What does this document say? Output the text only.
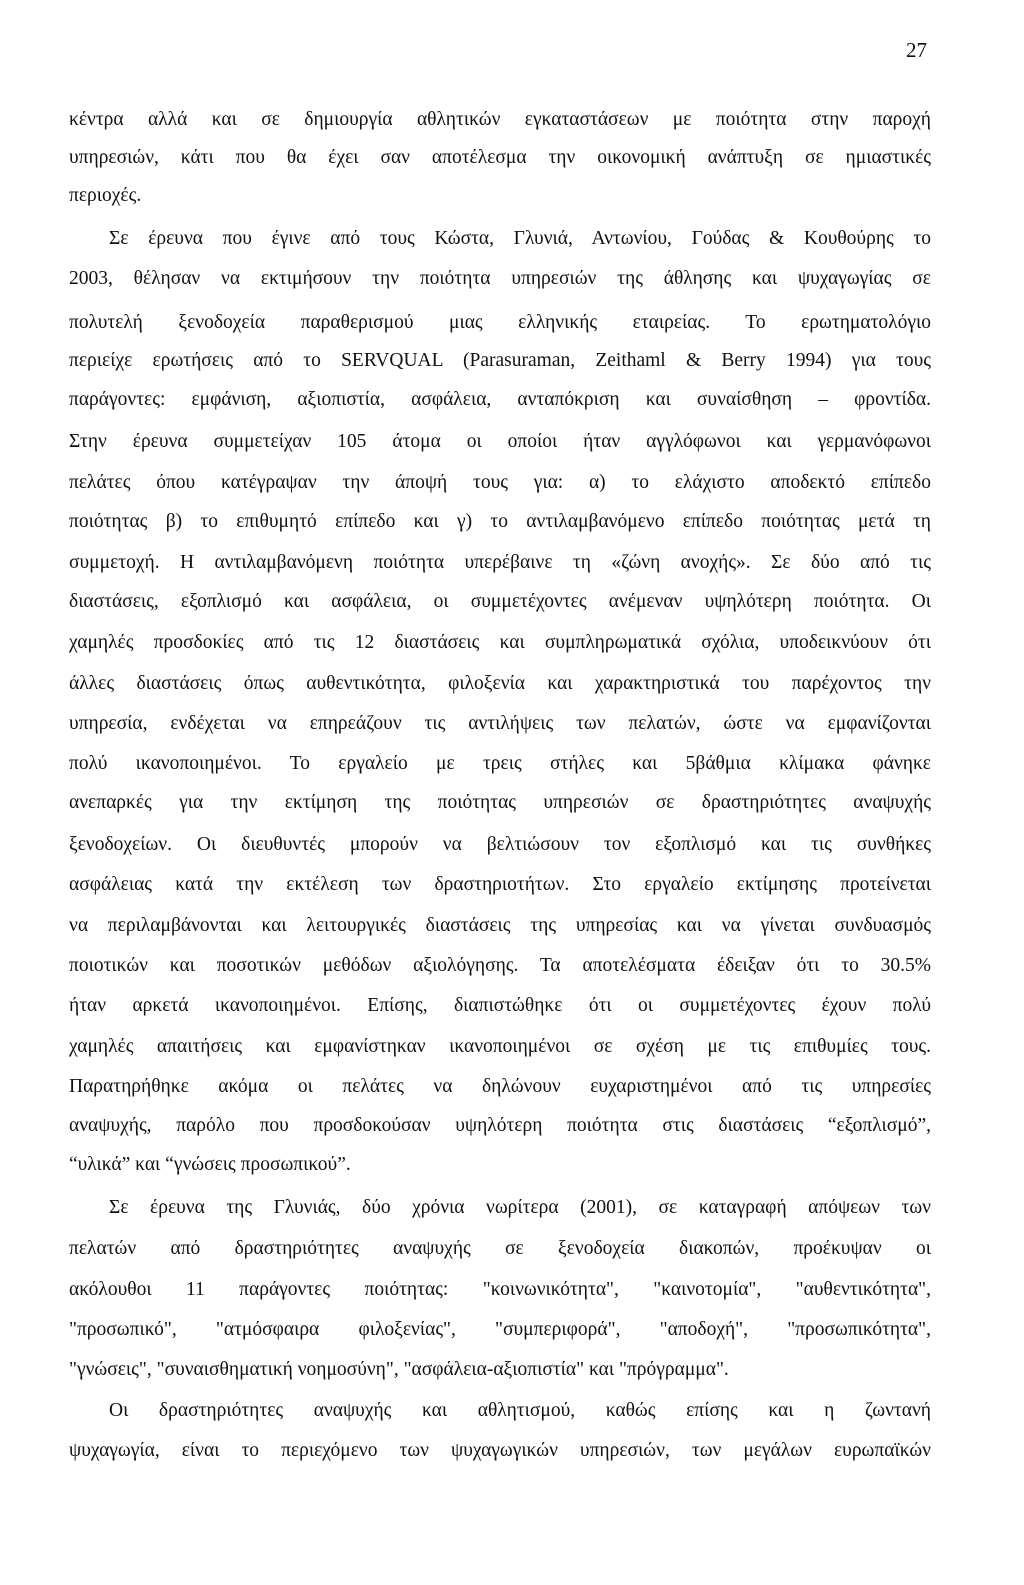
27
κέντρα αλλά και σε δημιουργία αθλητικών εγκαταστάσεων με ποιότητα στην παροχή
υπηρεσιών, κάτι που θα έχει σαν αποτέλεσμα την οικονομική ανάπτυξη σε ημιαστικές
περιοχές.
Σε έρευνα που έγινε από τους Κώστα, Γλυνιά, Αντωνίου, Γούδας & Κουθούρης το
2003, θέλησαν να εκτιμήσουν την ποιότητα υπηρεσιών της άθλησης και ψυχαγωγίας σε
πολυτελή ξενοδοχεία παραθερισμού μιας ελληνικής εταιρείας. Το ερωτηματολόγιο
περιείχε ερωτήσεις από το SERVQUAL (Parasuraman, Zeithaml & Berry 1994) για τους
παράγοντες: εμφάνιση, αξιοπιστία, ασφάλεια, ανταπόκριση και συναίσθηση – φροντίδα.
Στην έρευνα συμμετείχαν 105 άτομα οι οποίοι ήταν αγγλόφωνοι και γερμανόφωνοι
πελάτες όπου κατέγραψαν την άποψή τους για: α) το ελάχιστο αποδεκτό επίπεδο
ποιότητας β) το επιθυμητό επίπεδο και γ) το αντιλαμβανόμενο επίπεδο ποιότητας μετά τη
συμμετοχή. Η αντιλαμβανόμενη ποιότητα υπερέβαινε τη «ζώνη ανοχής». Σε δύο από τις
διαστάσεις, εξοπλισμό και ασφάλεια, οι συμμετέχοντες ανέμεναν υψηλότερη ποιότητα. Οι
χαμηλές προσδοκίες από τις 12 διαστάσεις και συμπληρωματικά σχόλια, υποδεικνύουν ότι
άλλες διαστάσεις όπως αυθεντικότητα, φιλοξενία και χαρακτηριστικά του παρέχοντος την
υπηρεσία, ενδέχεται να επηρεάζουν τις αντιλήψεις των πελατών, ώστε να εμφανίζονται
πολύ ικανοποιημένοι. Το εργαλείο με τρεις στήλες και 5βάθμια κλίμακα φάνηκε
ανεπαρκές για την εκτίμηση της ποιότητας υπηρεσιών σε δραστηριότητες αναψυχής
ξενοδοχείων. Οι διευθυντές μπορούν να βελτιώσουν τον εξοπλισμό και τις συνθήκες
ασφάλειας κατά την εκτέλεση των δραστηριοτήτων. Στο εργαλείο εκτίμησης προτείνεται
να περιλαμβάνονται και λειτουργικές διαστάσεις της υπηρεσίας και να γίνεται συνδυασμός
ποιοτικών και ποσοτικών μεθόδων αξιολόγησης. Τα αποτελέσματα έδειξαν ότι το 30.5%
ήταν αρκετά ικανοποιημένοι. Επίσης, διαπιστώθηκε ότι οι συμμετέχοντες έχουν πολύ
χαμηλές απαιτήσεις και εμφανίστηκαν ικανοποιημένοι σε σχέση με τις επιθυμίες τους.
Παρατηρήθηκε ακόμα οι πελάτες να δηλώνουν ευχαριστημένοι από τις υπηρεσίες
αναψυχής, παρόλο που προσδοκούσαν υψηλότερη ποιότητα στις διαστάσεις “εξοπλισμό”,
“υλικά” και “γνώσεις προσωπικού”.
Σε έρευνα της Γλυνιάς, δύο χρόνια νωρίτερα (2001), σε καταγραφή απόψεων των
πελατών από δραστηριότητες αναψυχής σε ξενοδοχεία διακοπών, προέκυψαν οι
ακόλουθοι 11 παράγοντες ποιότητας: "κοινωνικότητα", "καινοτομία", "αυθεντικότητα",
"προσωπικό", "ατμόσφαιρα φιλοξενίας", "συμπεριφορά", "αποδοχή", "προσωπικότητα",
"γνώσεις", "συναισθηματική νοημοσύνη", "ασφάλεια-αξιοπιστία" και "πρόγραμμα".
Οι δραστηριότητες αναψυχής και αθλητισμού, καθώς επίσης και η ζωντανή
ψυχαγωγία, είναι το περιεχόμενο των ψυχαγωγικών υπηρεσιών, των μεγάλων ευρωπαϊκών
